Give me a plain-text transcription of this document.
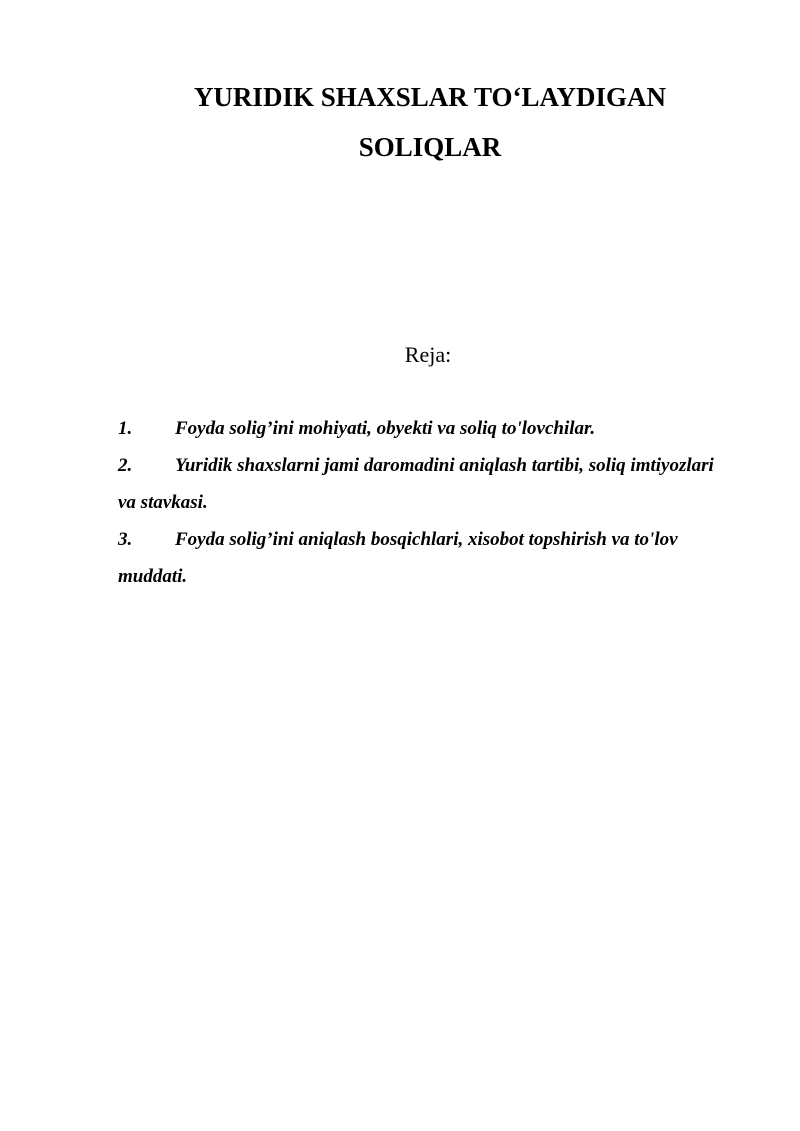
YURIDIK SHAXSLAR TO‘LAYDIGAN
SOLIQLAR
Reja:
1.	Foyda solig’ini mohiyati, obyekti va soliq to'lovchilar.
2.	Yuridik shaxslarni jami daromadini aniqlash tartibi, soliq imtiyozlari va stavkasi.
3.	Foyda solig’ini aniqlash bosqichlari, xisobot topshirish va to'lov muddati.
